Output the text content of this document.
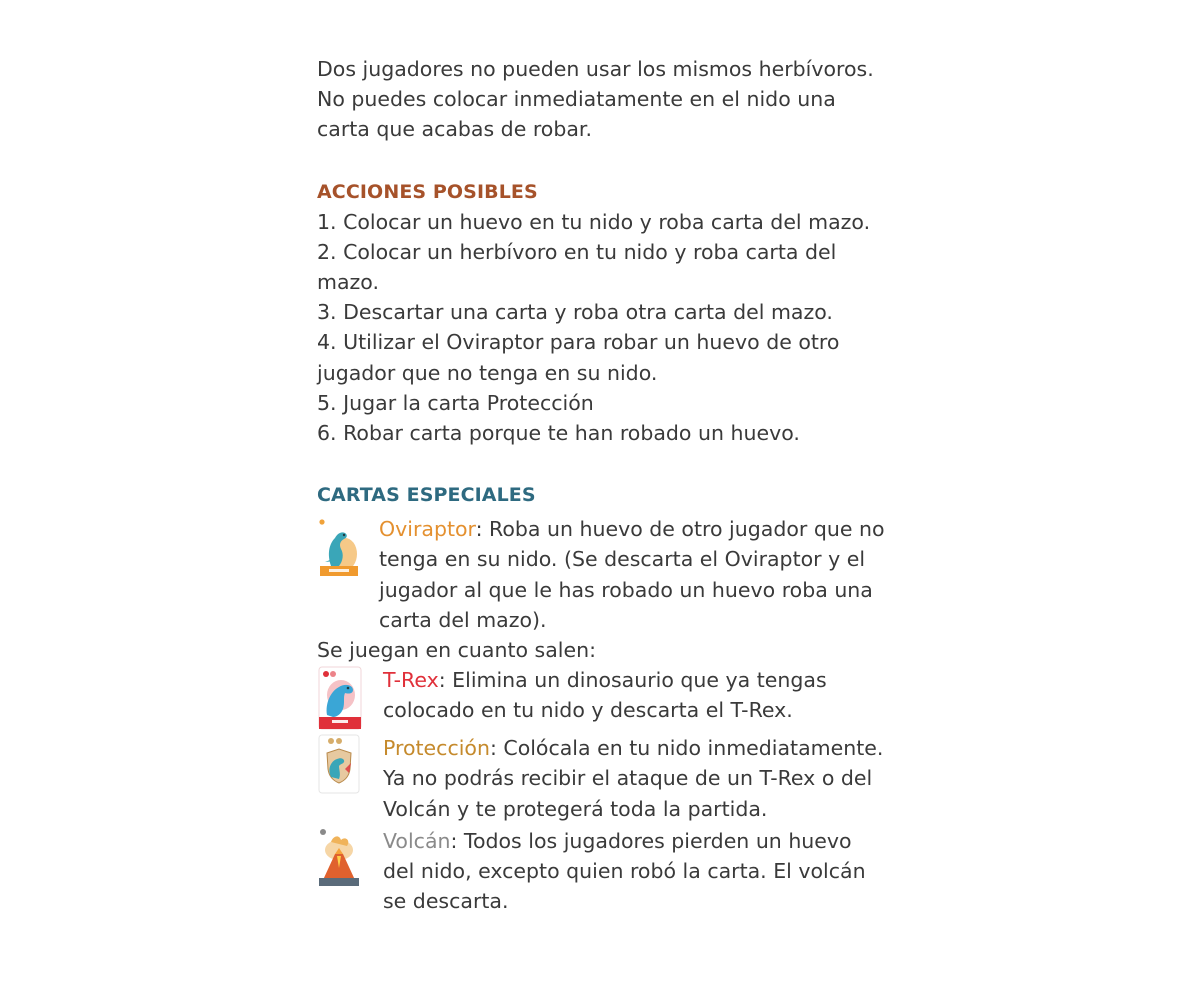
Dos jugadores no pueden usar los mismos herbívoros.

No puedes colocar inmediatamente en el nido una

carta que acabas de robar.

ACCIONES POSIBLES

1. Colocar un huevo en tu nido y roba carta del mazo.

2. Colocar un herbívoro en tu nido y roba carta del

mazo.

3. Descartar una carta y roba otra carta del mazo.

4. Utilizar el Oviraptor para robar un huevo de otro

jugador que no tenga en su nido.

5. Jugar la carta Protección

6. Robar carta porque te han robado un huevo.

CARTAS ESPECIALES

Oviraptor: Roba un huevo de otro jugador que no

tenga en su nido. (Se descarta el Oviraptor y el

jugador al que le has robado un huevo roba una

carta del mazo).

Se juegan en cuanto salen:

T-Rex: Elimina un dinosaurio que ya tengas

colocado en tu nido y descarta el T-Rex.

Protección: Colócala en tu nido inmediatamente.

Ya no podrás recibir el ataque de un T-Rex o del

Volcán y te protegerá toda la partida.

Volcán: Todos los jugadores pierden un huevo

del nido, excepto quien robó la carta. El volcán

se descarta.
